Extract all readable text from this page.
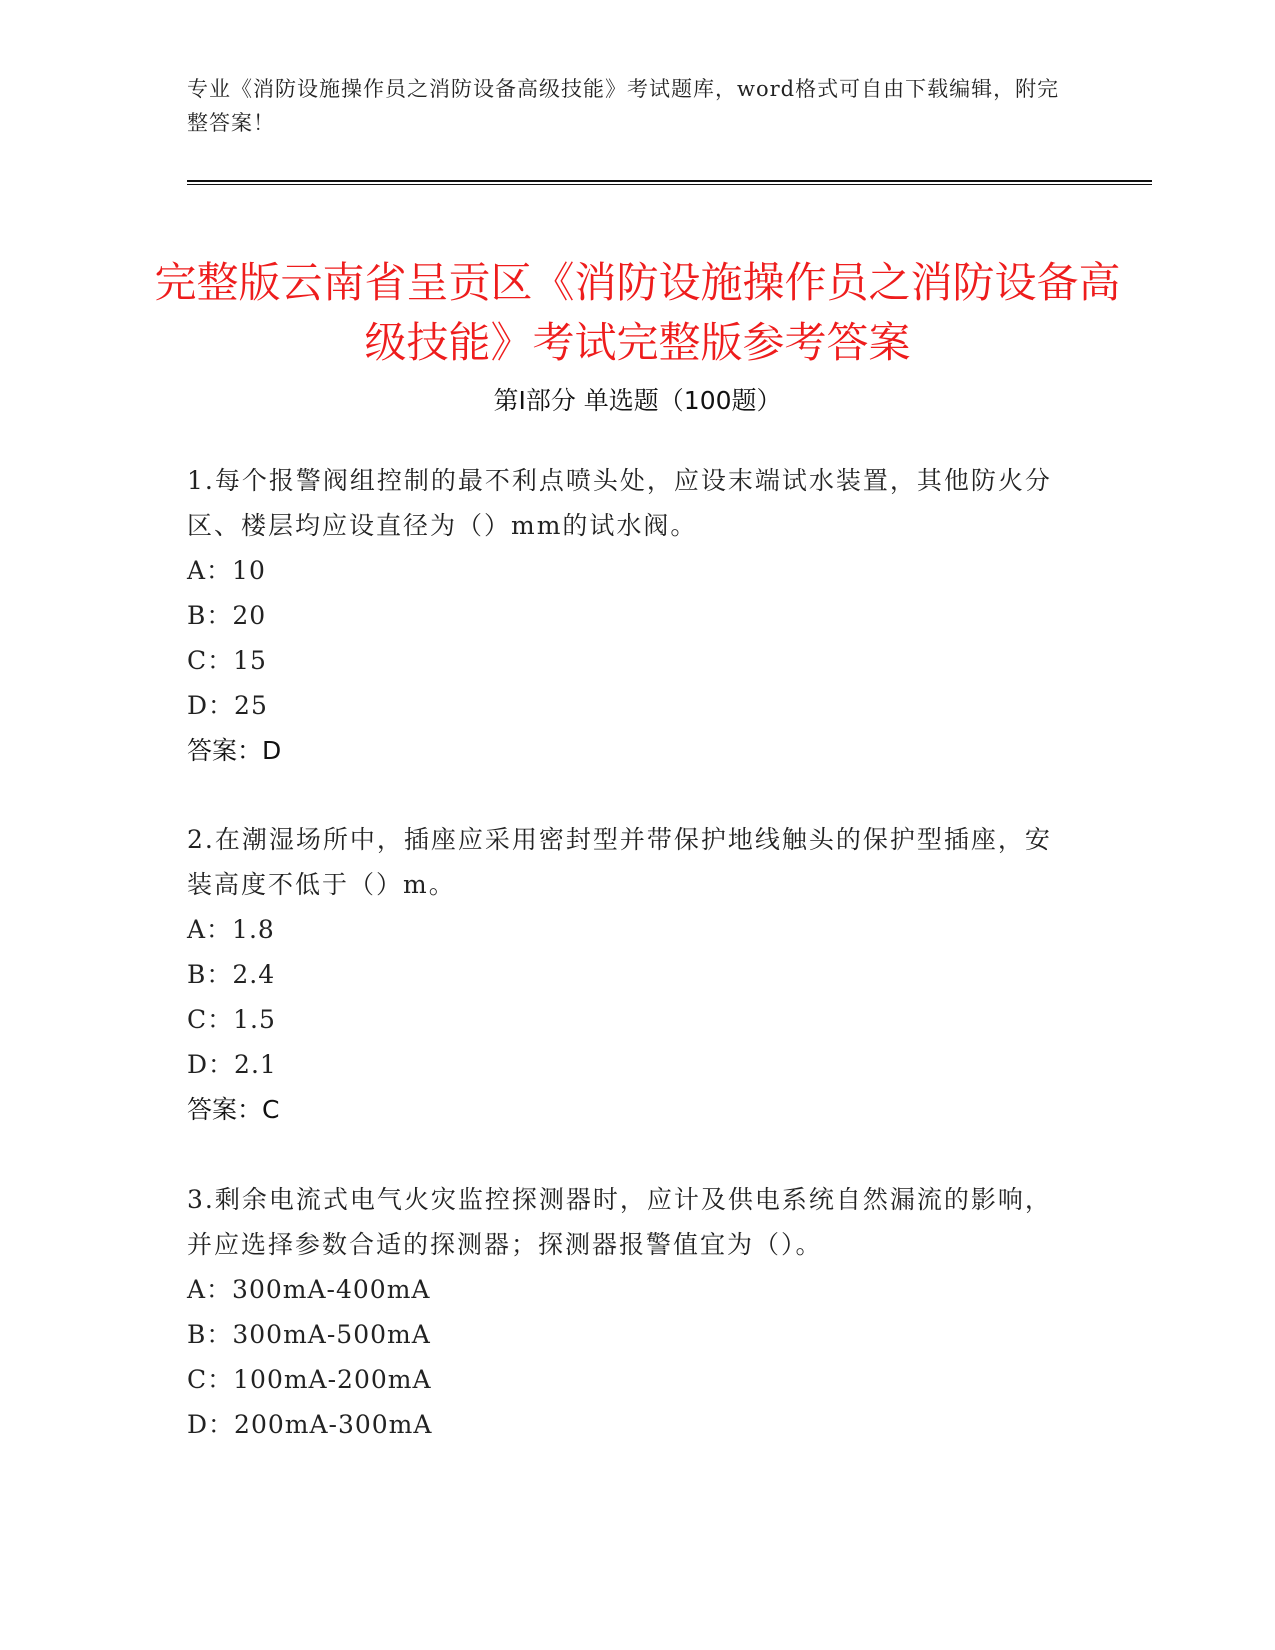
专业《消防设施操作员之消防设备高级技能》考试题库，word格式可自由下载编辑，附完整答案！
完整版云南省呈贡区《消防设施操作员之消防设备高级技能》考试完整版参考答案
第Ⅰ部分 单选题（100题）

1.每个报警阀组控制的最不利点喷头处，应设末端试水装置，其他防火分区、楼层均应设直径为（）mm的试水阀。

A：10

B：20

C：15

D：25

答案：D

2.在潮湿场所中，插座应采用密封型并带保护地线触头的保护型插座，安装高度不低于（）m。

A：1.8

B：2.4

C：1.5

D：2.1

答案：C

3.剩余电流式电气火灾监控探测器时，应计及供电系统自然漏流的影响，并应选择参数合适的探测器；探测器报警值宜为（）。

A：300mA-400mA

B：300mA-500mA

C：100mA-200mA

D：200mA-300mA
